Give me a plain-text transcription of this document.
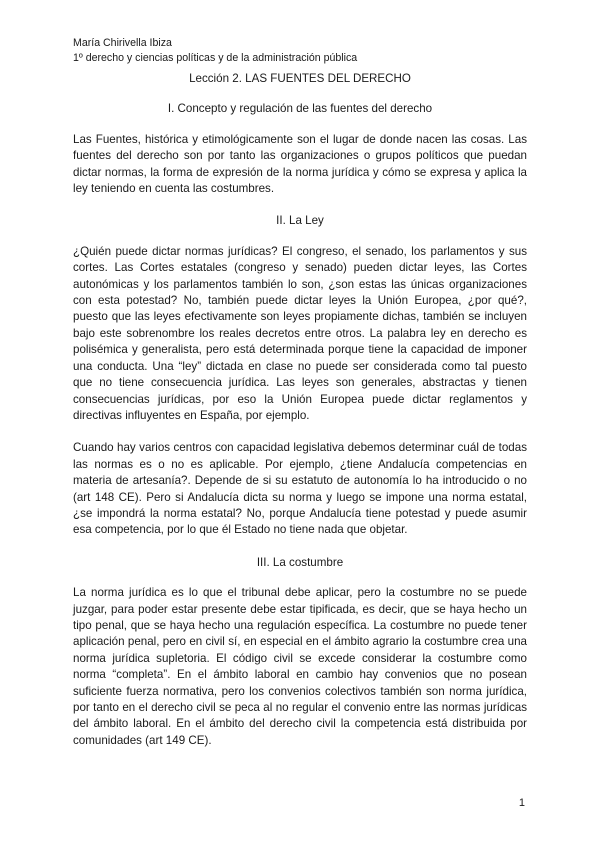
María Chirivella Ibiza
1º derecho y ciencias políticas y de la administración pública
Lección 2. LAS FUENTES DEL DERECHO
I. Concepto y regulación de las fuentes del derecho

Las Fuentes, histórica y etimológicamente son el lugar de donde nacen las cosas. Las fuentes del derecho son por tanto las organizaciones o grupos políticos que puedan dictar normas, la forma de expresión de la norma jurídica y cómo se expresa y aplica la ley teniendo en cuenta las costumbres.

II. La Ley

¿Quién puede dictar normas jurídicas? El congreso, el senado, los parlamentos y sus cortes. Las Cortes estatales (congreso y senado) pueden dictar leyes, las Cortes autonómicas y los parlamentos también lo son, ¿son estas las únicas organizaciones con esta potestad? No, también puede dictar leyes la Unión Europea, ¿por qué?, puesto que las leyes efectivamente son leyes propiamente dichas, también se incluyen bajo este sobrenombre los reales decretos entre otros. La palabra ley en derecho es polisémica y generalista, pero está determinada porque tiene la capacidad de imponer una conducta. Una “ley” dictada en clase no puede ser considerada como tal puesto que no tiene consecuencia jurídica. Las leyes son generales, abstractas y tienen consecuencias jurídicas, por eso la Unión Europea puede dictar reglamentos y directivas influyentes en España, por ejemplo.

Cuando hay varios centros con capacidad legislativa debemos determinar cuál de todas las normas es o no es aplicable. Por ejemplo, ¿tiene Andalucía competencias en materia de artesanía?. Depende de si su estatuto de autonomía lo ha introducido o no (art 148 CE). Pero si Andalucía dicta su norma y luego se impone una norma estatal, ¿se impondrá la norma estatal? No, porque Andalucía tiene potestad y puede asumir esa competencia, por lo que él Estado no tiene nada que objetar.

III. La costumbre

La norma jurídica es lo que el tribunal debe aplicar, pero la costumbre no se puede juzgar, para poder estar presente debe estar tipificada, es decir, que se haya hecho un tipo penal, que se haya hecho una regulación específica. La costumbre no puede tener aplicación penal, pero en civil sí, en especial en el ámbito agrario la costumbre crea una norma jurídica supletoria. El código civil se excede considerar la costumbre como norma “completa”. En el ámbito laboral en cambio hay convenios que no posean suficiente fuerza normativa, pero los convenios colectivos también son norma jurídica, por tanto en el derecho civil se peca al no regular el convenio entre las normas jurídicas del ámbito laboral. En el ámbito del derecho civil la competencia está distribuida por comunidades (art 149 CE).

1
